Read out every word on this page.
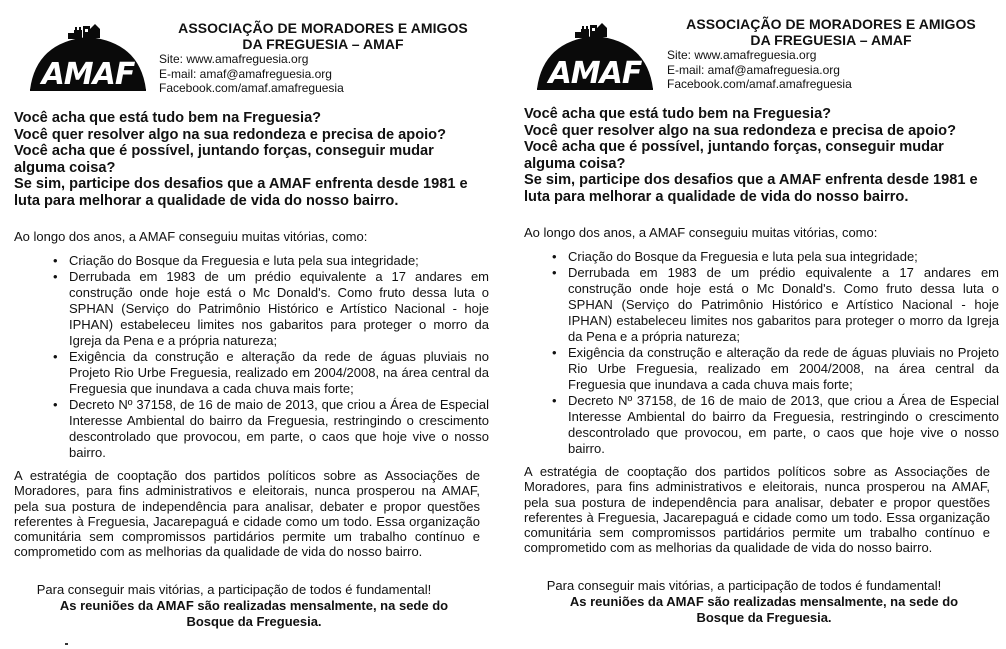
AMAF

ASSOCIAÇÃO DE MORADORES E AMIGOS

DA FREGUESIA – AMAF

Site: www.amafreguesia.org
E-mail: amaf@amafreguesia.org
Facebook.com/amaf.amafreguesia
Você acha que está tudo bem na Freguesia?
Você quer resolver algo na sua redondeza e precisa de apoio?
Você acha que é possível, juntando forças, conseguir mudar
alguma coisa?
Se sim, participe dos desafios que a AMAF enfrenta desde 1981 e
luta para melhorar a qualidade de vida do nosso bairro.
Ao longo dos anos, a AMAF conseguiu muitas vitórias, como:
• Criação do Bosque da Freguesia e luta pela sua integridade;
• Derrubada em 1983 de um prédio equivalente a 17 andares em construção onde hoje está o Mc Donald's. Como fruto dessa luta o SPHAN (Serviço do Patrimônio Histórico e Artístico Nacional - hoje IPHAN) estabeleceu limites nos gabaritos para proteger o morro da Igreja da Pena e a própria natureza;
• Exigência da construção e alteração da rede de águas pluviais no Projeto Rio Urbe Freguesia, realizado em 2004/2008, na área central da Freguesia que inundava a cada chuva mais forte;
• Decreto Nº 37158, de 16 de maio de 2013, que criou a Área de Especial Interesse Ambiental do bairro da Freguesia, restringindo o crescimento descontrolado que provocou, em parte, o caos que hoje vive o nosso bairro.
A estratégia de cooptação dos partidos políticos sobre as Associações de Moradores, para fins administrativos e eleitorais, nunca prosperou na AMAF, pela sua postura de independência para analisar, debater e propor questões referentes à Freguesia, Jacarepaguá e cidade como um todo. Essa organização comunitária sem compromissos partidários permite um trabalho contínuo e comprometido com as melhorias da qualidade de vida do nosso bairro.
Para conseguir mais vitórias, a participação de todos é fundamental!
As reuniões da AMAF são realizadas mensalmente, na sede do
Bosque da Freguesia.
AMAF

ASSOCIAÇÃO DE MORADORES E AMIGOS

DA FREGUESIA – AMAF

Site: www.amafreguesia.org
E-mail: amaf@amafreguesia.org
Facebook.com/amaf.amafreguesia
Você acha que está tudo bem na Freguesia?
Você quer resolver algo na sua redondeza e precisa de apoio?
Você acha que é possível, juntando forças, conseguir mudar
alguma coisa?
Se sim, participe dos desafios que a AMAF enfrenta desde 1981 e
luta para melhorar a qualidade de vida do nosso bairro.
Ao longo dos anos, a AMAF conseguiu muitas vitórias, como:
• Criação do Bosque da Freguesia e luta pela sua integridade;
• Derrubada em 1983 de um prédio equivalente a 17 andares em construção onde hoje está o Mc Donald's. Como fruto dessa luta o SPHAN (Serviço do Patrimônio Histórico e Artístico Nacional - hoje IPHAN) estabeleceu limites nos gabaritos para proteger o morro da Igreja da Pena e a própria natureza;
• Exigência da construção e alteração da rede de águas pluviais no Projeto Rio Urbe Freguesia, realizado em 2004/2008, na área central da Freguesia que inundava a cada chuva mais forte;
• Decreto Nº 37158, de 16 de maio de 2013, que criou a Área de Especial Interesse Ambiental do bairro da Freguesia, restringindo o crescimento descontrolado que provocou, em parte, o caos que hoje vive o nosso bairro.
A estratégia de cooptação dos partidos políticos sobre as Associações de Moradores, para fins administrativos e eleitorais, nunca prosperou na AMAF, pela sua postura de independência para analisar, debater e propor questões referentes à Freguesia, Jacarepaguá e cidade como um todo. Essa organização comunitária sem compromissos partidários permite um trabalho contínuo e comprometido com as melhorias da qualidade de vida do nosso bairro.
Para conseguir mais vitórias, a participação de todos é fundamental!
As reuniões da AMAF são realizadas mensalmente, na sede do
Bosque da Freguesia.
